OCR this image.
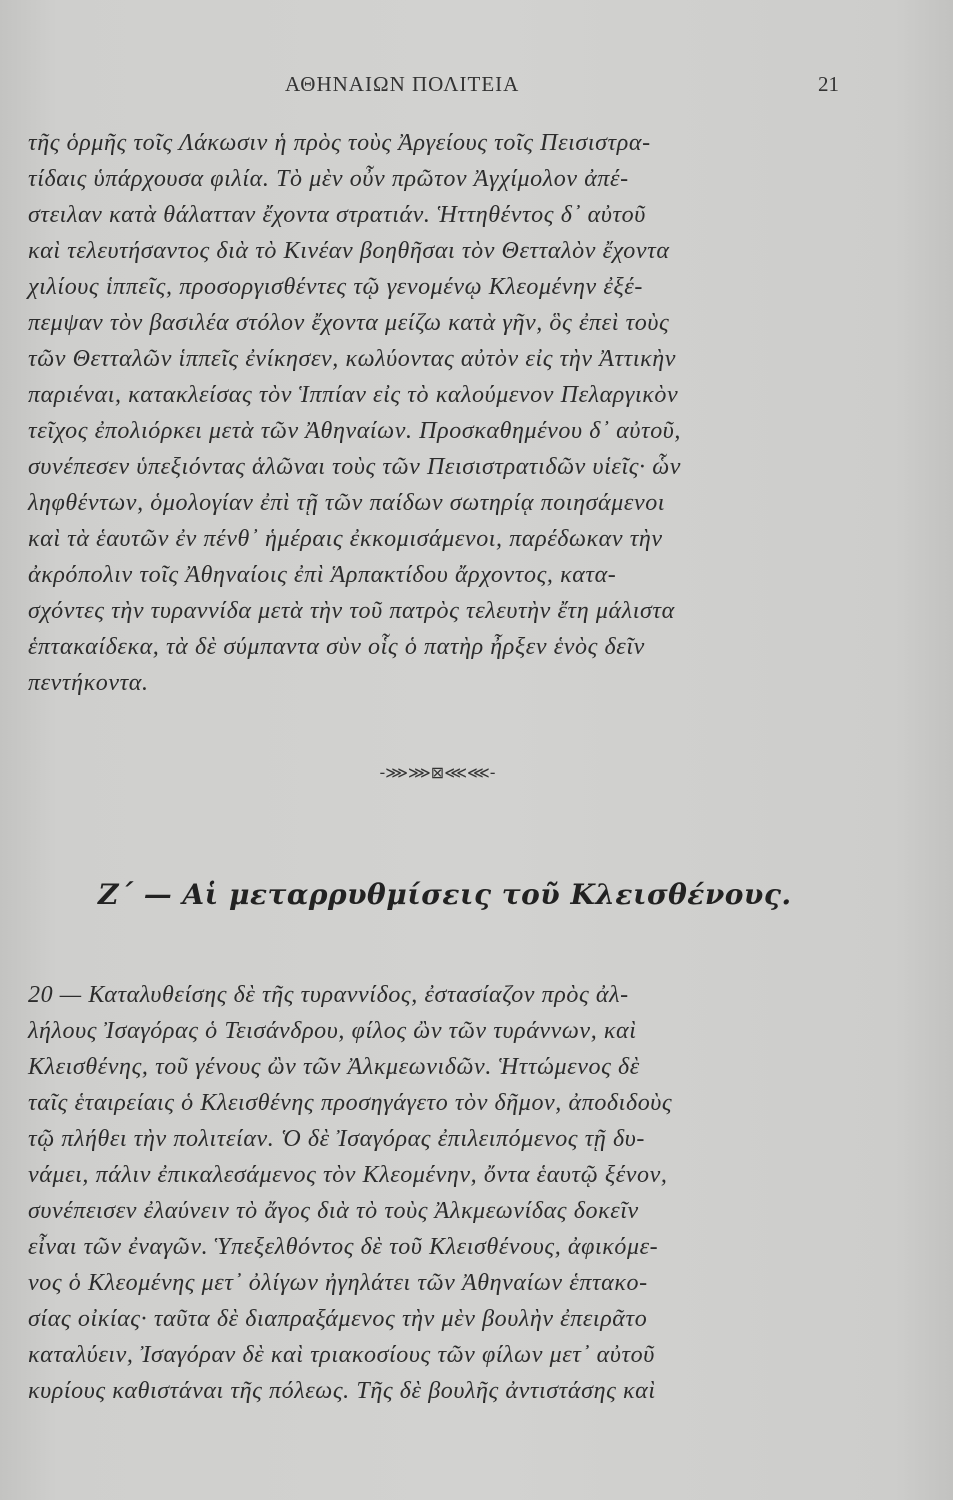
ΑΘΗΝΑΙΩΝ ΠΟΛΙΤΕΙΑ	21
τῆς ὁρμῆς τοῖς Λάκωσιν ἡ πρὸς τοὺς Ἀργείους τοῖς Πεισιστρα-
τίδαις ὑπάρχουσα φιλία. Τὸ μὲν οὖν πρῶτον Ἀγχίμολον ἀπέ-
στειλαν κατὰ θάλατταν ἔχοντα στρατιάν. Ἡττηθέντος δ᾽ αὐτοῦ
καὶ τελευτήσαντος διὰ τὸ Κινέαν βοηθῆσαι τὸν Θετταλὸν ἔχοντα
χιλίους ἱππεῖς, προσοργισθέντες τῷ γενομένῳ Κλεομένην ἐξέ-
πεμψαν τὸν βασιλέα στόλον ἔχοντα μείζω κατὰ γῆν, ὃς ἐπεὶ τοὺς
τῶν Θετταλῶν ἱππεῖς ἐνίκησεν, κωλύοντας αὐτὸν εἰς τὴν Ἀττικὴν
παριέναι, κατακλείσας τὸν Ἱππίαν εἰς τὸ καλούμενον Πελαργικὸν
τεῖχος ἐπολιόρκει μετὰ τῶν Ἀθηναίων. Προσκαθημένου δ᾽ αὐτοῦ,
συνέπεσεν ὑπεξιόντας ἁλῶναι τοὺς τῶν Πεισιστρατιδῶν υἱεῖς· ὧν
ληφθέντων, ὁμολογίαν ἐπὶ τῇ τῶν παίδων σωτηρίᾳ ποιησάμενοι
καὶ τὰ ἑαυτῶν ἐν πένθ᾽ ἡμέραις ἐκκομισάμενοι, παρέδωκαν τὴν
ἀκρόπολιν τοῖς Ἀθηναίοις ἐπὶ Ἁρπακτίδου ἄρχοντος, κατα-
σχόντες τὴν τυραννίδα μετὰ τὴν τοῦ πατρὸς τελευτὴν ἔτη μάλιστα
ἑπτακαίδεκα, τὰ δὲ σύμπαντα σὺν οἷς ὁ πατὴρ ἦρξεν ἑνὸς δεῖν
πεντήκοντα.
-⋙⋙⊠⋘⋘-
Ζ´ — Αἱ μεταρρυθμίσεις τοῦ Κλεισθένους.
20 — Καταλυθείσης δὲ τῆς τυραννίδος, ἐστασίαζον πρὸς ἀλ-
λήλους Ἰσαγόρας ὁ Τεισάνδρου, φίλος ὢν τῶν τυράννων, καὶ
Κλεισθένης, τοῦ γένους ὢν τῶν Ἀλκμεωνιδῶν. Ἡττώμενος δὲ
ταῖς ἑταιρείαις ὁ Κλεισθένης προσηγάγετο τὸν δῆμον, ἀποδιδοὺς
τῷ πλήθει τὴν πολιτείαν. Ὁ δὲ Ἰσαγόρας ἐπιλειπόμενος τῇ δυ-
νάμει, πάλιν ἐπικαλεσάμενος τὸν Κλεομένην, ὄντα ἑαυτῷ ξένον,
συνέπεισεν ἐλαύνειν τὸ ἄγος διὰ τὸ τοὺς Ἀλκμεωνίδας δοκεῖν
εἶναι τῶν ἐναγῶν. Ὑπεξελθόντος δὲ τοῦ Κλεισθένους, ἀφικόμε-
νος ὁ Κλεομένης μετ᾽ ὀλίγων ἠγηλάτει τῶν Ἀθηναίων ἑπτακο-
σίας οἰκίας· ταῦτα δὲ διαπραξάμενος τὴν μὲν βουλὴν ἐπειρᾶτο
καταλύειν, Ἰσαγόραν δὲ καὶ τριακοσίους τῶν φίλων μετ᾽ αὐτοῦ
κυρίους καθιστάναι τῆς πόλεως. Τῆς δὲ βουλῆς ἀντιστάσης καὶ
